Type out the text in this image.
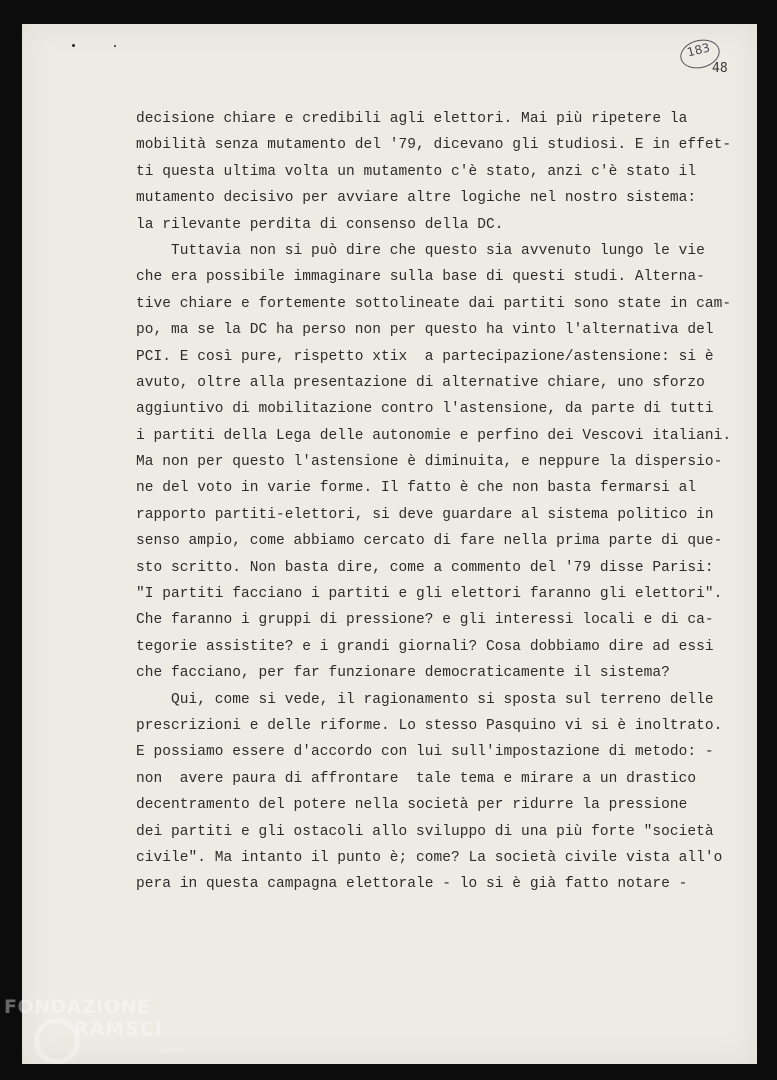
183
48
decisione chiare e credibili agli elettori. Mai più ripetere la
mobilità senza mutamento del '79, dicevano gli studiosi. E in effet-
ti questa ultima volta un mutamento c'è stato, anzi c'è stato il
mutamento decisivo per avviare altre logiche nel nostro sistema:
la rilevante perdita di consenso della DC.
Tuttavia non si può dire che questo sia avvenuto lungo le vie
che era possibile immaginare sulla base di questi studi. Alterna-
tive chiare e fortemente sottolineate dai partiti sono state in cam-
po, ma se la DC ha perso non per questo ha vinto l'alternativa del
PCI. E così pure, rispetto xtix  a partecipazione/astensione: si è
avuto, oltre alla presentazione di alternative chiare, uno sforzo
aggiuntivo di mobilitazione contro l'astensione, da parte di tutti
i partiti della Lega delle autonomie e perfino dei Vescovi italiani.
Ma non per questo l'astensione è diminuita, e neppure la dispersio-
ne del voto in varie forme. Il fatto è che non basta fermarsi al
rapporto partiti-elettori, si deve guardare al sistema politico in
senso ampio, come abbiamo cercato di fare nella prima parte di que-
sto scritto. Non basta dire, come a commento del '79 disse Parisi:
"I partiti facciano i partiti e gli elettori faranno gli elettori".
Che faranno i gruppi di pressione? e gli interessi locali e di ca-
tegorie assistite? e i grandi giornali? Cosa dobbiamo dire ad essi
che facciano, per far funzionare democraticamente il sistema?
Qui, come si vede, il ragionamento si sposta sul terreno delle
prescrizioni e delle riforme. Lo stesso Pasquino vi si è inoltrato.
E possiamo essere d'accordo con lui sull'impostazione di metodo: -
non  avere paura di affrontare  tale tema e mirare a un drastico
decentramento del potere nella società per ridurre la pressione
dei partiti e gli ostacoli allo sviluppo di una più forte "società
civile". Ma intanto il punto è; come? La società civile vista all'o
pera in questa campagna elettorale - lo si è già fatto notare -
FONDAZIONE
RAMSCI
onlus
